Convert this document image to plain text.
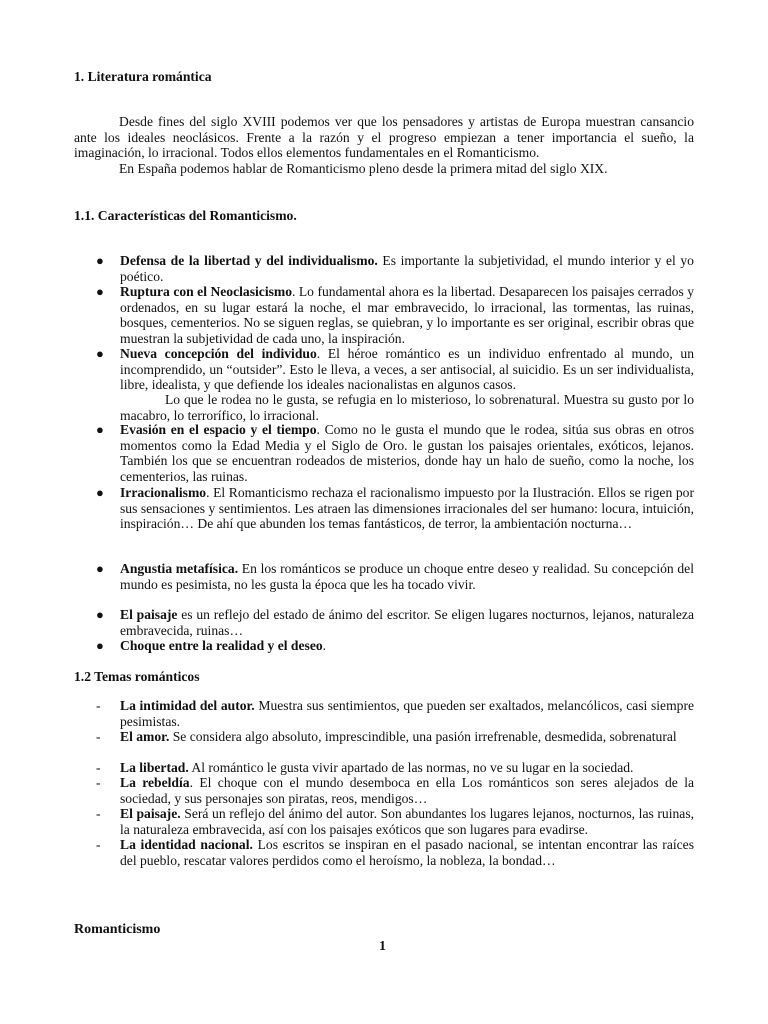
1. Literatura romántica
Desde fines del siglo XVIII podemos ver que los pensadores y artistas de Europa muestran cansancio ante los ideales neoclásicos. Frente a la razón y el progreso empiezan a tener importancia el sueño, la imaginación, lo irracional. Todos ellos elementos fundamentales en el Romanticismo.
En España podemos hablar de Romanticismo pleno desde la primera mitad del siglo XIX.
1.1. Características del Romanticismo.
● Defensa de la libertad y del individualismo. Es importante la subjetividad, el mundo interior y el yo poético.
● Ruptura con el Neoclasicismo. Lo fundamental ahora es la libertad. Desaparecen los paisajes cerrados y ordenados, en su lugar estará la noche, el mar embravecido, lo irracional, las tormentas, las ruinas, bosques, cementerios. No se siguen reglas, se quiebran, y lo importante es ser original, escribir obras que muestran la subjetividad de cada uno, la inspiración.
● Nueva concepción del individuo. El héroe romántico es un individuo enfrentado al mundo, un incomprendido, un “outsider”. Esto le lleva, a veces, a ser antisocial, al suicidio. Es un ser individualista, libre, idealista, y que defiende los ideales nacionalistas en algunos casos.
Lo que le rodea no le gusta, se refugia en lo misterioso, lo sobrenatural. Muestra su gusto por lo macabro, lo terrorífico, lo irracional.
● Evasión en el espacio y el tiempo. Como no le gusta el mundo que le rodea, sitúa sus obras en otros momentos como la Edad Media y el Siglo de Oro. le gustan los paisajes orientales, exóticos, lejanos. También los que se encuentran rodeados de misterios, donde hay un halo de sueño, como la noche, los cementerios, las ruinas.
● Irracionalismo. El Romanticismo rechaza el racionalismo impuesto por la Ilustración. Ellos se rigen por sus sensaciones y sentimientos. Les atraen las dimensiones irracionales del ser humano: locura, intuición, inspiración… De ahí que abunden los temas fantásticos, de terror, la ambientación nocturna…
● Angustia metafísica. En los románticos se produce un choque entre deseo y realidad. Su concepción del mundo es pesimista, no les gusta la época que les ha tocado vivir.
● El paisaje es un reflejo del estado de ánimo del escritor. Se eligen lugares nocturnos, lejanos, naturaleza embravecida, ruinas…
● Choque entre la realidad y el deseo.
1.2 Temas románticos
- La intimidad del autor. Muestra sus sentimientos, que pueden ser exaltados, melancólicos, casi siempre pesimistas.
- El amor. Se considera algo absoluto, imprescindible, una pasión irrefrenable, desmedida, sobrenatural
- La libertad. Al romántico le gusta vivir apartado de las normas, no ve su lugar en la sociedad.
- La rebeldía. El choque con el mundo desemboca en ella Los románticos son seres alejados de la sociedad, y sus personajes son piratas, reos, mendigos…
- El paisaje. Será un reflejo del ánimo del autor. Son abundantes los lugares lejanos, nocturnos, las ruinas, la naturaleza embravecida, así con los paisajes exóticos que son lugares para evadirse.
- La identidad nacional. Los escritos se inspiran en el pasado nacional, se intentan encontrar las raíces del pueblo, rescatar valores perdidos como el heroísmo, la nobleza, la bondad…
Romanticismo
1
